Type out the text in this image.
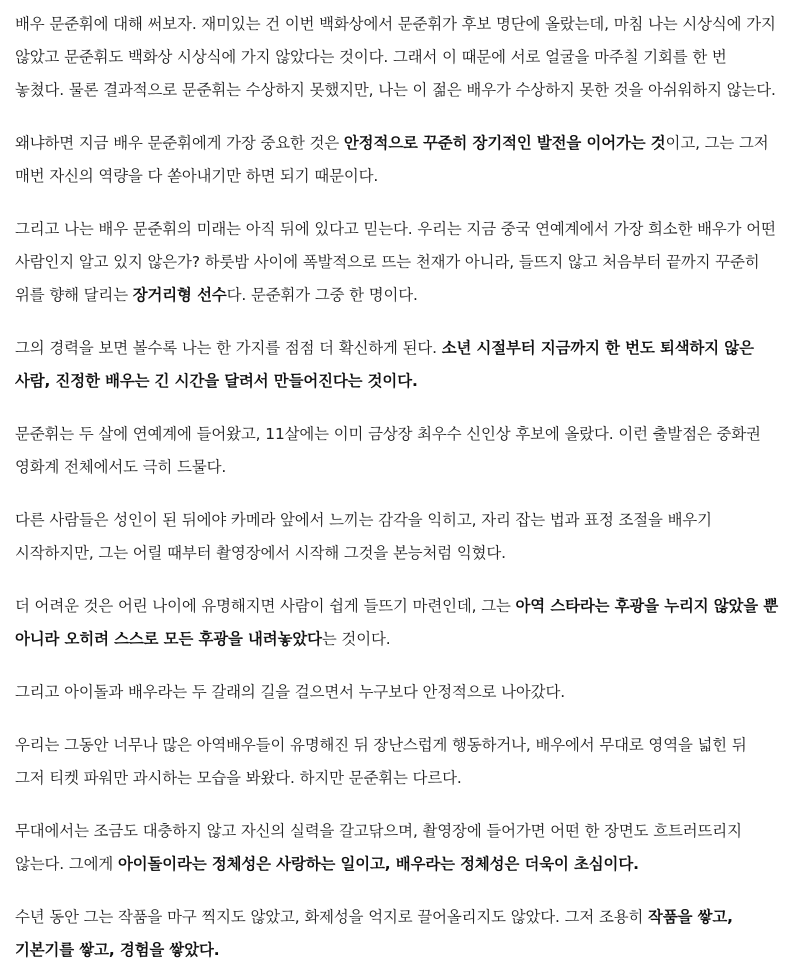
배우 문준휘에 대해 써보자. 재미있는 건 이번 백화상에서 문준휘가 후보 명단에 올랐는데, 마침 나는 시상식에 가지 않았고 문준휘도 백화상 시상식에 가지 않았다는 것이다. 그래서 이 때문에 서로 얼굴을 마주칠 기회를 한 번 놓쳤다. 물론 결과적으로 문준휘는 수상하지 못했지만, 나는 이 젊은 배우가 수상하지 못한 것을 아쉬워하지 않는다.

왜냐하면 지금 배우 문준휘에게 가장 중요한 것은 안정적으로 꾸준히 장기적인 발전을 이어가는 것이고, 그는 그저 매번 자신의 역량을 다 쏟아내기만 하면 되기 때문이다.

그리고 나는 배우 문준휘의 미래는 아직 뒤에 있다고 믿는다. 우리는 지금 중국 연예계에서 가장 희소한 배우가 어떤 사람인지 알고 있지 않은가? 하룻밤 사이에 폭발적으로 뜨는 천재가 아니라, 들뜨지 않고 처음부터 끝까지 꾸준히 위를 향해 달리는 장거리형 선수다. 문준휘가 그중 한 명이다.

그의 경력을 보면 볼수록 나는 한 가지를 점점 더 확신하게 된다. 소년 시절부터 지금까지 한 번도 퇴색하지 않은 사람, 진정한 배우는 긴 시간을 달려서 만들어진다는 것이다.

문준휘는 두 살에 연예계에 들어왔고, 11살에는 이미 금상장 최우수 신인상 후보에 올랐다. 이런 출발점은 중화권 영화계 전체에서도 극히 드물다.

다른 사람들은 성인이 된 뒤에야 카메라 앞에서 느끼는 감각을 익히고, 자리 잡는 법과 표정 조절을 배우기 시작하지만, 그는 어릴 때부터 촬영장에서 시작해 그것을 본능처럼 익혔다.

더 어려운 것은 어린 나이에 유명해지면 사람이 쉽게 들뜨기 마련인데, 그는 아역 스타라는 후광을 누리지 않았을 뿐 아니라 오히려 스스로 모든 후광을 내려놓았다는 것이다.

그리고 아이돌과 배우라는 두 갈래의 길을 걸으면서 누구보다 안정적으로 나아갔다.

우리는 그동안 너무나 많은 아역배우들이 유명해진 뒤 장난스럽게 행동하거나, 배우에서 무대로 영역을 넓힌 뒤 그저 티켓 파워만 과시하는 모습을 봐왔다. 하지만 문준휘는 다르다.

무대에서는 조금도 대충하지 않고 자신의 실력을 갈고닦으며, 촬영장에 들어가면 어떤 한 장면도 흐트러뜨리지 않는다. 그에게 아이돌이라는 정체성은 사랑하는 일이고, 배우라는 정체성은 더욱이 초심이다.

수년 동안 그는 작품을 마구 찍지도 않았고, 화제성을 억지로 끌어올리지도 않았다. 그저 조용히 작품을 쌓고, 기본기를 쌓고, 경험을 쌓았다.
